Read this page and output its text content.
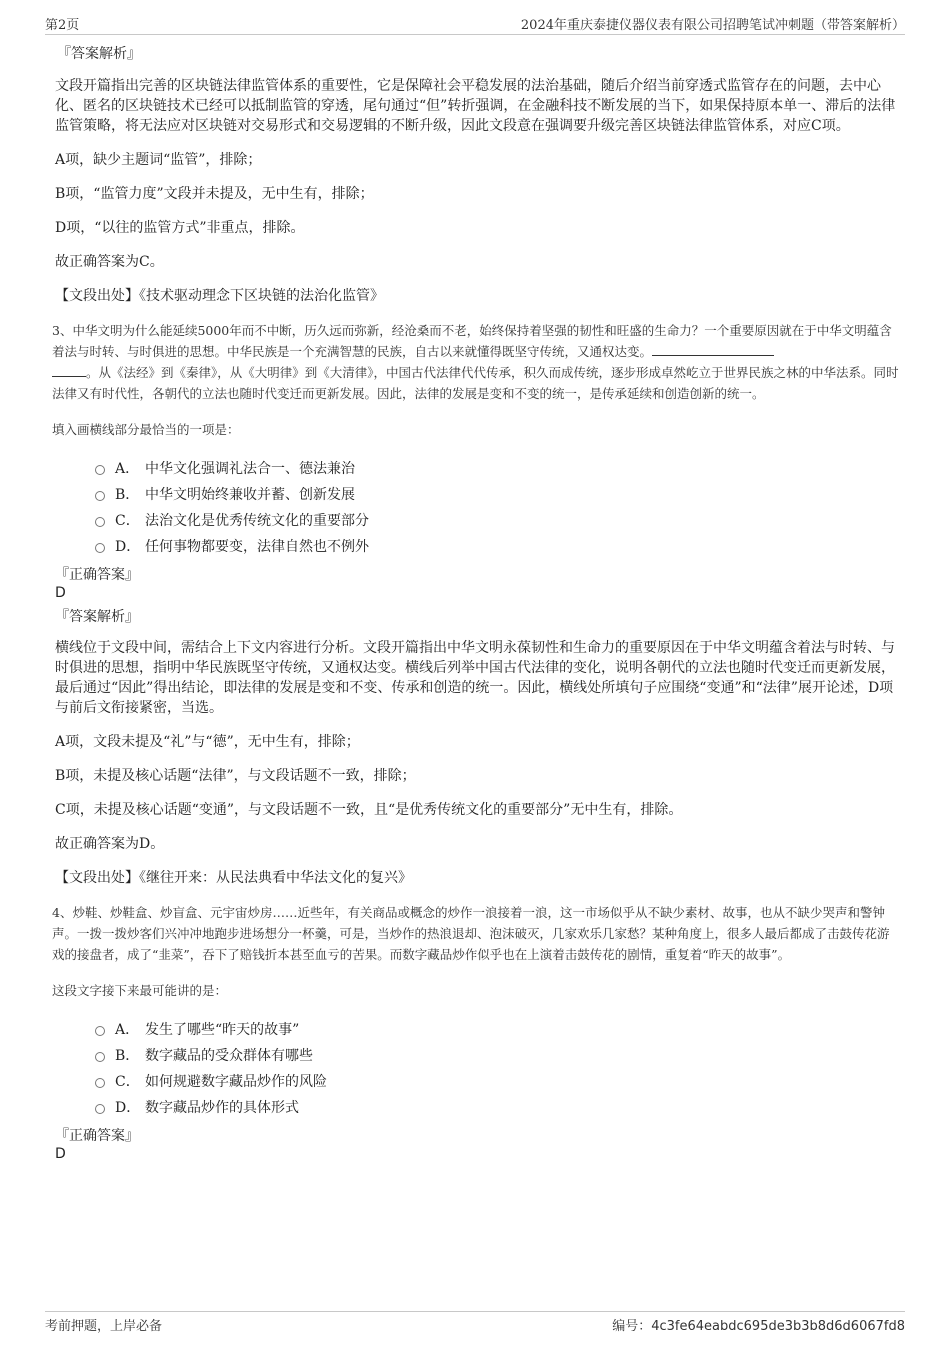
第2页	2024年重庆泰捷仪器仪表有限公司招聘笔试冲刺题（带答案解析）

『答案解析』

文段开篇指出完善的区块链法律监管体系的重要性，它是保障社会平稳发展的法治基础，随后介绍当前穿透式监管存在的问题，去中心化、匿名的区块链技术已经可以抵制监管的穿透，尾句通过“但”转折强调，在金融科技不断发展的当下，如果保持原本单一、滞后的法律监管策略，将无法应对区块链对交易形式和交易逻辑的不断升级，因此文段意在强调要升级完善区块链法律监管体系，对应C项。

A项，缺少主题词“监管”，排除；

B项，“监管力度”文段并未提及，无中生有，排除；

D项，“以往的监管方式”非重点，排除。

故正确答案为C。

【文段出处】《技术驱动理念下区块链的法治化监管》

3、中华文明为什么能延续5000年而不中断，历久远而弥新，经沧桑而不老，始终保持着坚强的韧性和旺盛的生命力？一个重要原因就在于中华文明蕴含着法与时转、与时俱进的思想。中华民族是一个充满智慧的民族，自古以来就懂得既坚守传统，又通权达变。
。从《法经》到《秦律》，从《大明律》到《大清律》，中国古代法律代代传承，积久而成传统，逐步形成卓然屹立于世界民族之林的中华法系。同时法律又有时代性，各朝代的立法也随时代变迁而更新发展。因此，法律的发展是变和不变的统一，是传承延续和创造创新的统一。

填入画横线部分最恰当的一项是：

A． 中华文化强调礼法合一、德法兼治
B． 中华文明始终兼收并蓄、创新发展
C． 法治文化是优秀传统文化的重要部分
D． 任何事物都要变，法律自然也不例外

『正确答案』

D

『答案解析』

横线位于文段中间，需结合上下文内容进行分析。文段开篇指出中华文明永葆韧性和生命力的重要原因在于中华文明蕴含着法与时转、与时俱进的思想，指明中华民族既坚守传统，又通权达变。横线后列举中国古代法律的变化，说明各朝代的立法也随时代变迁而更新发展，最后通过“因此”得出结论，即法律的发展是变和不变、传承和创造的统一。因此，横线处所填句子应围绕“变通”和“法律”展开论述，D项与前后文衔接紧密，当选。

A项，文段未提及“礼”与“德”，无中生有，排除；

B项，未提及核心话题“法律”，与文段话题不一致，排除；

C项，未提及核心话题“变通”，与文段话题不一致，且“是优秀传统文化的重要部分”无中生有，排除。

故正确答案为D。

【文段出处】《继往开来：从民法典看中华法文化的复兴》

4、炒鞋、炒鞋盒、炒盲盒、元宇宙炒房……近些年，有关商品或概念的炒作一浪接着一浪，这一市场似乎从不缺少素材、故事，也从不缺少哭声和警钟声。一拨一拨炒客们兴冲冲地跑步进场想分一杯羹，可是，当炒作的热浪退却、泡沫破灭，几家欢乐几家愁？某种角度上，很多人最后都成了击鼓传花游戏的接盘者，成了“韭菜”，吞下了赔钱折本甚至血亏的苦果。而数字藏品炒作似乎也在上演着击鼓传花的剧情，重复着“昨天的故事”。

这段文字接下来最可能讲的是：

A． 发生了哪些“昨天的故事”
B． 数字藏品的受众群体有哪些
C． 如何规避数字藏品炒作的风险
D． 数字藏品炒作的具体形式

『正确答案』

D

考前押题，上岸必备	编号：4c3fe64eabdc695de3b3b8d6d6067fd8
